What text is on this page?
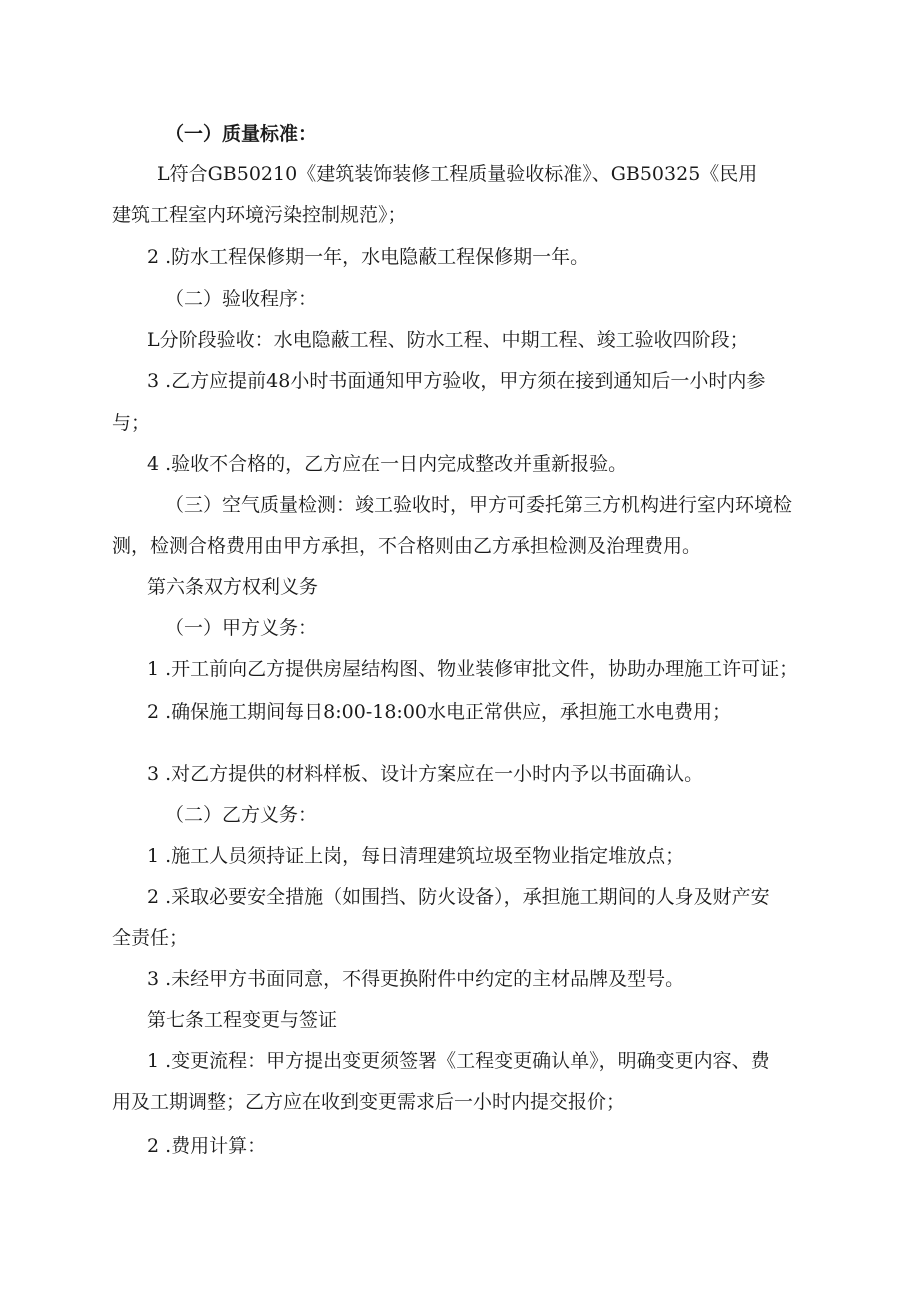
（一）质量标准：
L符合GB50210《建筑装饰装修工程质量验收标准》、GB50325《民用
建筑工程室内环境污染控制规范》；
2 .防水工程保修期一年，水电隐蔽工程保修期一年。
（二）验收程序：
L分阶段验收：水电隐蔽工程、防水工程、中期工程、竣工验收四阶段；
3 .乙方应提前48小时书面通知甲方验收，甲方须在接到通知后一小时内参
与；
4 .验收不合格的，乙方应在一日内完成整改并重新报验。
（三）空气质量检测：竣工验收时，甲方可委托第三方机构进行室内环境检
测，检测合格费用由甲方承担，不合格则由乙方承担检测及治理费用。
第六条双方权利义务
（一）甲方义务：
1 .开工前向乙方提供房屋结构图、物业装修审批文件，协助办理施工许可证；
2 .确保施工期间每日8:00-18:00水电正常供应，承担施工水电费用；
3 .对乙方提供的材料样板、设计方案应在一小时内予以书面确认。
（二）乙方义务：
1 .施工人员须持证上岗，每日清理建筑垃圾至物业指定堆放点；
2 .采取必要安全措施（如围挡、防火设备），承担施工期间的人身及财产安
全责任；
3 .未经甲方书面同意，不得更换附件中约定的主材品牌及型号。
第七条工程变更与签证
1 .变更流程：甲方提出变更须签署《工程变更确认单》，明确变更内容、费
用及工期调整；乙方应在收到变更需求后一小时内提交报价；
2 .费用计算：
